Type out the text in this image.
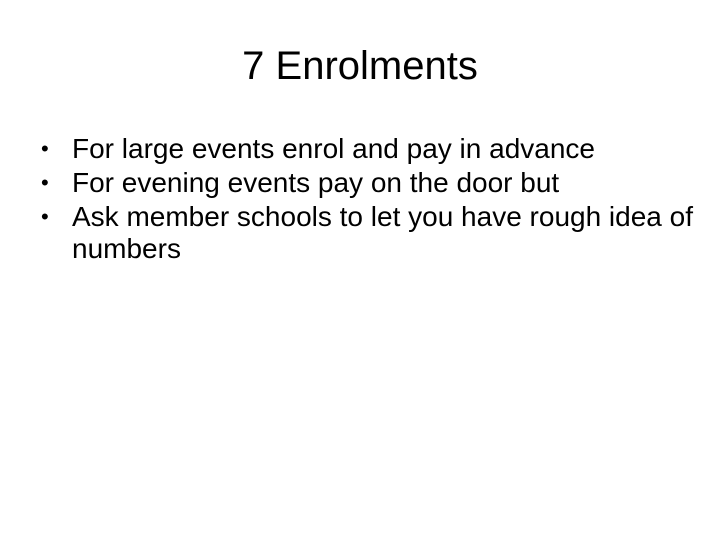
7 Enrolments
• For large events enrol and pay in advance
• For evening events pay on the door but
• Ask member schools to let you have rough idea of numbers
